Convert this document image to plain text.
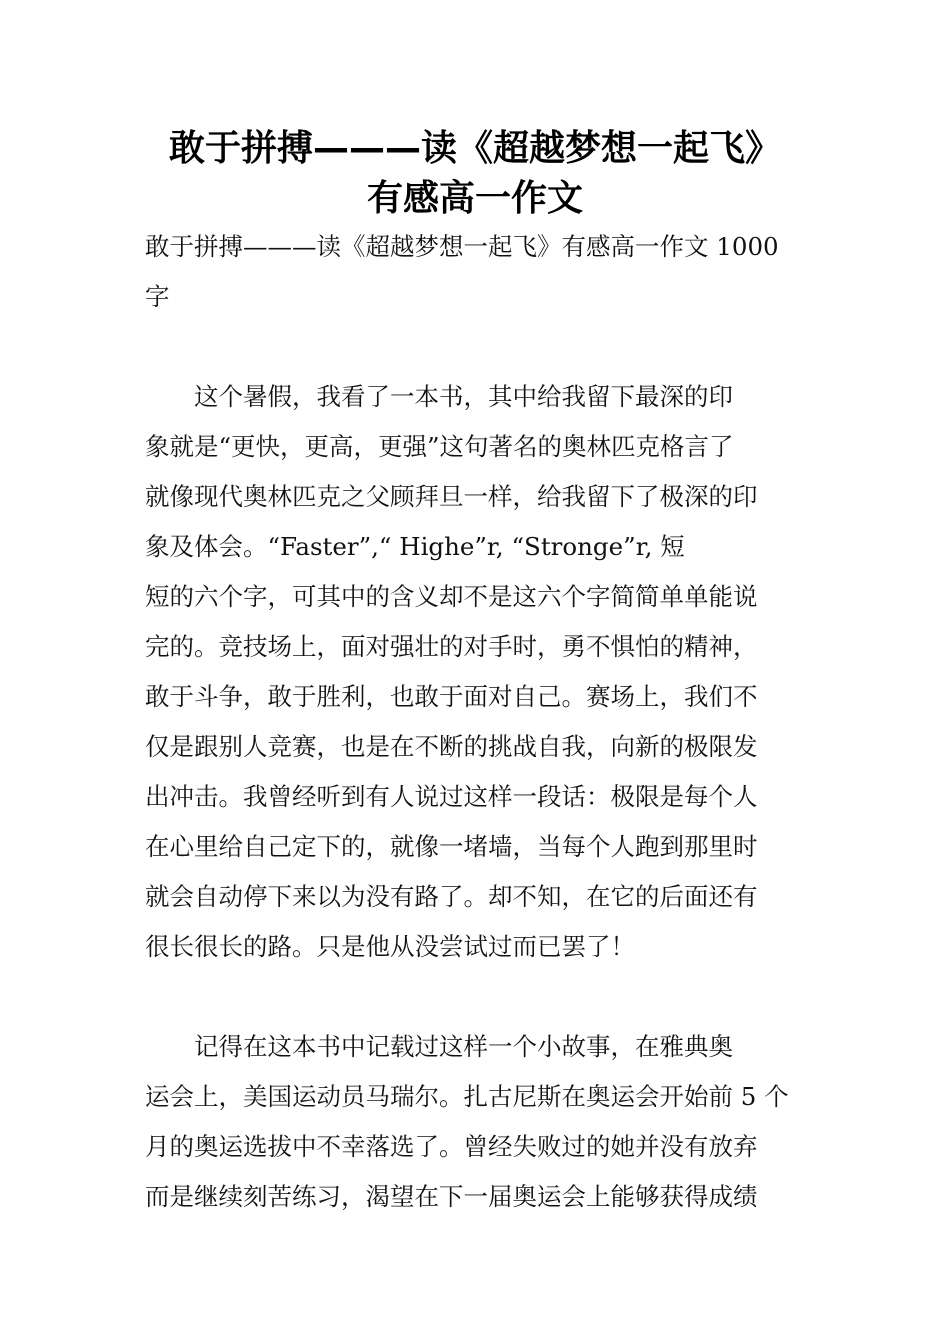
敢于拼搏———读《超越梦想一起飞》
有感高一作文

敢于拼搏———读《超越梦想一起飞》有感高一作文 1000

字

　　这个暑假，我看了一本书，其中给我留下最深的印

象就是“更快，更高，更强”这句著名的奥林匹克格言了

就像现代奥林匹克之父顾拜旦一样，给我留下了极深的印

象及体会。“Faster”,“ Highe”r, “Stronge”r, 短

短的六个字，可其中的含义却不是这六个字简简单单能说

完的。竞技场上，面对强壮的对手时，勇不惧怕的精神，

敢于斗争，敢于胜利，也敢于面对自己。赛场上，我们不

仅是跟别人竞赛，也是在不断的挑战自我，向新的极限发

出冲击。我曾经听到有人说过这样一段话：极限是每个人

在心里给自己定下的，就像一堵墙，当每个人跑到那里时

就会自动停下来以为没有路了。却不知，在它的后面还有

很长很长的路。只是他从没尝试过而已罢了！

　　记得在这本书中记载过这样一个小故事，在雅典奥

运会上，美国运动员马瑞尔。扎古尼斯在奥运会开始前 5 个

月的奥运选拔中不幸落选了。曾经失败过的她并没有放弃

而是继续刻苦练习，渴望在下一届奥运会上能够获得成绩
